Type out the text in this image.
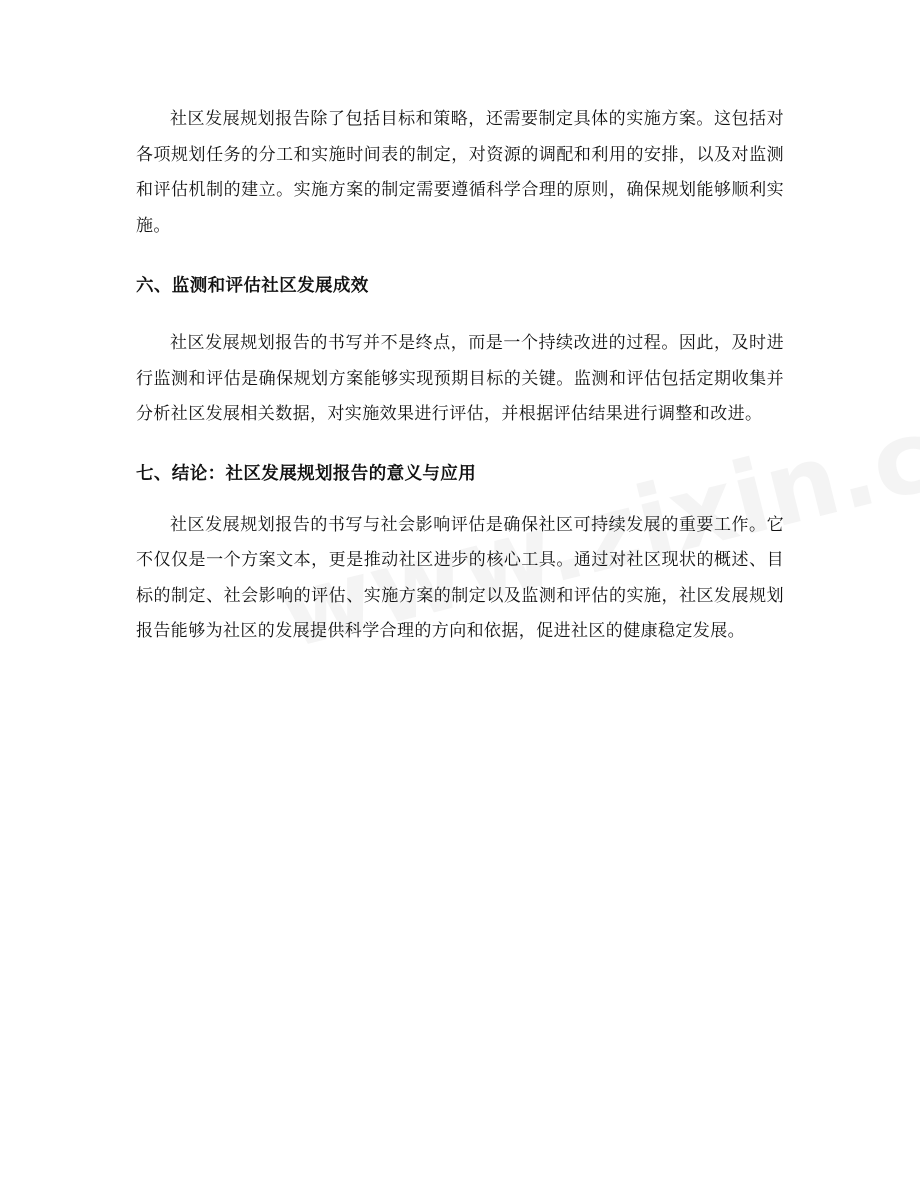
社区发展规划报告除了包括目标和策略，还需要制定具体的实施方案。这包括对各项规划任务的分工和实施时间表的制定，对资源的调配和利用的安排，以及对监测和评估机制的建立。实施方案的制定需要遵循科学合理的原则，确保规划能够顺利实施。

六、监测和评估社区发展成效

社区发展规划报告的书写并不是终点，而是一个持续改进的过程。因此，及时进行监测和评估是确保规划方案能够实现预期目标的关键。监测和评估包括定期收集并分析社区发展相关数据，对实施效果进行评估，并根据评估结果进行调整和改进。

七、结论：社区发展规划报告的意义与应用

社区发展规划报告的书写与社会影响评估是确保社区可持续发展的重要工作。它不仅仅是一个方案文本，更是推动社区进步的核心工具。通过对社区现状的概述、目标的制定、社会影响的评估、实施方案的制定以及监测和评估的实施，社区发展规划报告能够为社区的发展提供科学合理的方向和依据，促进社区的健康稳定发展。
